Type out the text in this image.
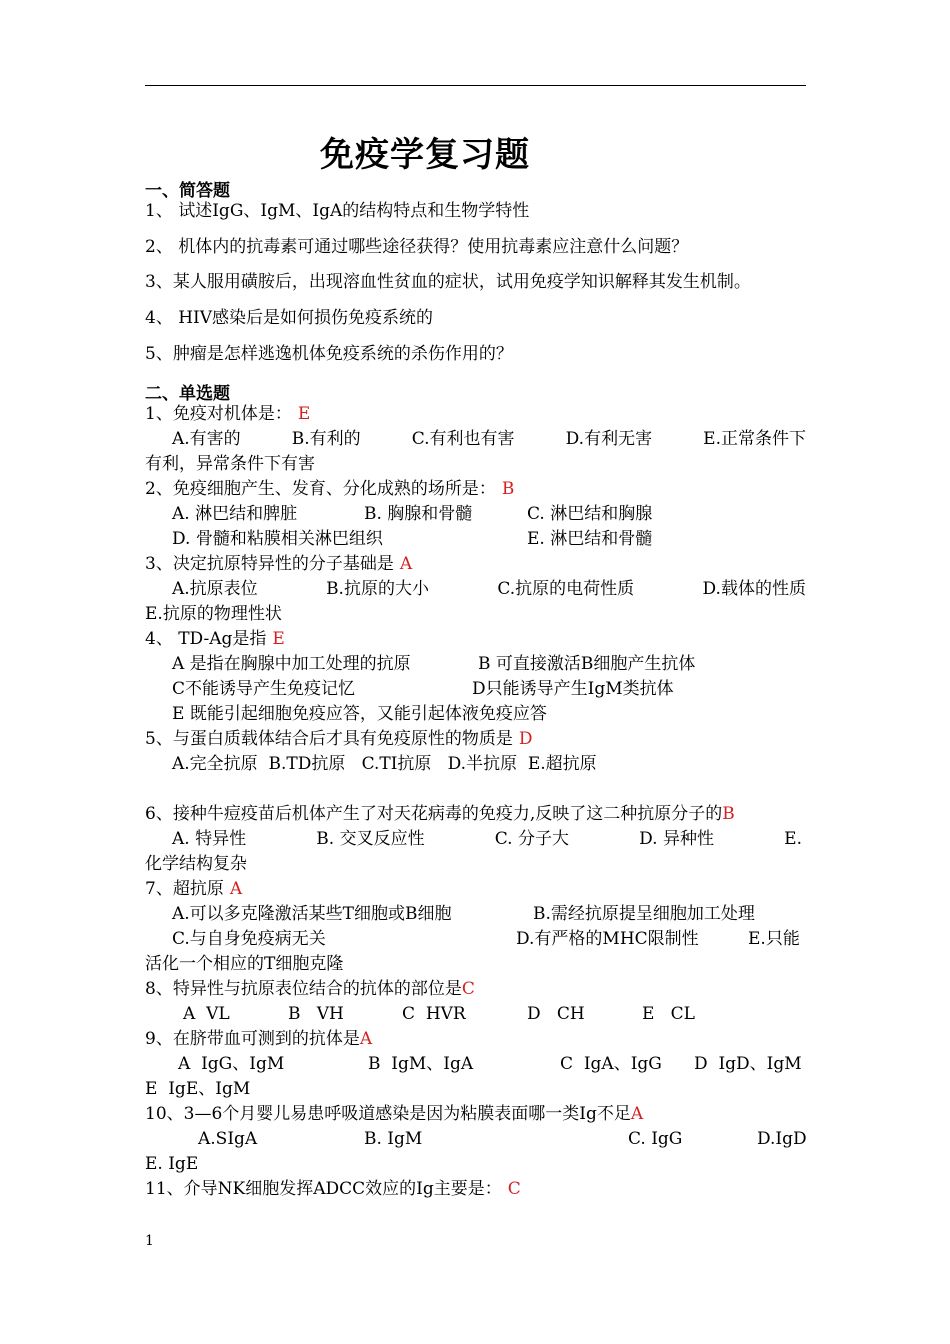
免疫学复习题
一、简答题
1、 试述IgG、IgM、IgA的结构特点和生物学特性
2、 机体内的抗毒素可通过哪些途径获得？使用抗毒素应注意什么问题？
3、某人服用磺胺后，出现溶血性贫血的症状，试用免疫学知识解释其发生机制。
4、 HIV感染后是如何损伤免疫系统的
5、肿瘤是怎样逃逸机体免疫系统的杀伤作用的？
二、单选题
1、免疫对机体是： E
A.有害的	B.有利的	C.有利也有害	D.有利无害	E.正常条件下
有利，异常条件下有害
2、免疫细胞产生、发育、分化成熟的场所是： B
A. 淋巴结和脾脏	B. 胸腺和骨髓	C. 淋巴结和胸腺
D. 骨髓和粘膜相关淋巴组织	E. 淋巴结和骨髓
3、决定抗原特异性的分子基础是 A
A.抗原表位	B.抗原的大小	C.抗原的电荷性质	D.载体的性质
E.抗原的物理性状
4、 TD-Ag是指 E
A 是指在胸腺中加工处理的抗原	B 可直接激活B细胞产生抗体
C不能诱导产生免疫记忆	D只能诱导产生IgM类抗体
E 既能引起细胞免疫应答，又能引起体液免疫应答
5、与蛋白质载体结合后才具有免疫原性的物质是 D
A.完全抗原  B.TD抗原   C.TI抗原   D.半抗原  E.超抗原
6、接种牛痘疫苗后机体产生了对天花病毒的免疫力,反映了这二种抗原分子的B
A. 特异性	B. 交叉反应性	C. 分子大	D. 异种性	E.
化学结构复杂
7、超抗原 A
A.可以多克隆激活某些T细胞或B细胞	B.需经抗原提呈细胞加工处理
C.与自身免疫病无关	D.有严格的MHC限制性	E.只能
活化一个相应的T细胞克隆
8、特异性与抗原表位结合的抗体的部位是C
A  VL	B   VH	C  HVR	D   CH	E   CL
9、在脐带血可测到的抗体是A
A  IgG、IgM	B  IgM、IgA	C  IgA、IgG D  IgD、IgM
E  IgE、IgM
10、3—6个月婴儿易患呼吸道感染是因为粘膜表面哪一类Ig不足A
A.SIgA	B. IgM	C. IgG	D.IgD
E. IgE
11、介导NK细胞发挥ADCC效应的Ig主要是： C
1
